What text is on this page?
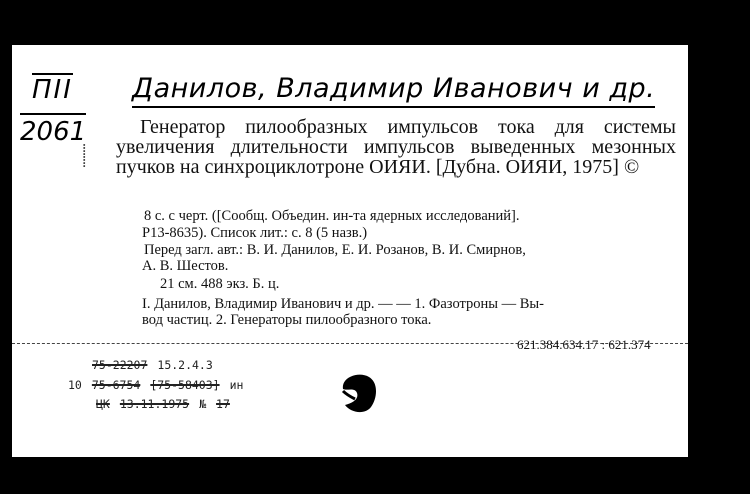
ПІІ
2061
⁞
⁞
Данилов, Владимир Иванович и др.
Генератор пилообразных импульсов тока для системы увеличения длительности импульсов выведенных мезонных пучков на синхроциклотроне ОИЯИ. [Дубна. ОИЯИ, 1975] ©
8 с. с черт. ([Сообщ. Объедин. ин-та ядерных исследований].
Р13-8635). Список лит.: с. 8 (5 назв.)
Перед загл. авт.: В. И. Данилов, Е. И. Розанов, В. И. Смирнов,
А. В. Шестов.
21 см. 488 экз. Б. ц.
I. Данилов, Владимир Иванович и др. — — 1. Фазотроны — Вы-
вод частиц. 2. Генераторы пилообразного тока.
621.384.634.17 : 621.374
75-22207 15.2.4.3
10 75-6754 [75-58403] ин
ЦК 13.11.1975 № 17
